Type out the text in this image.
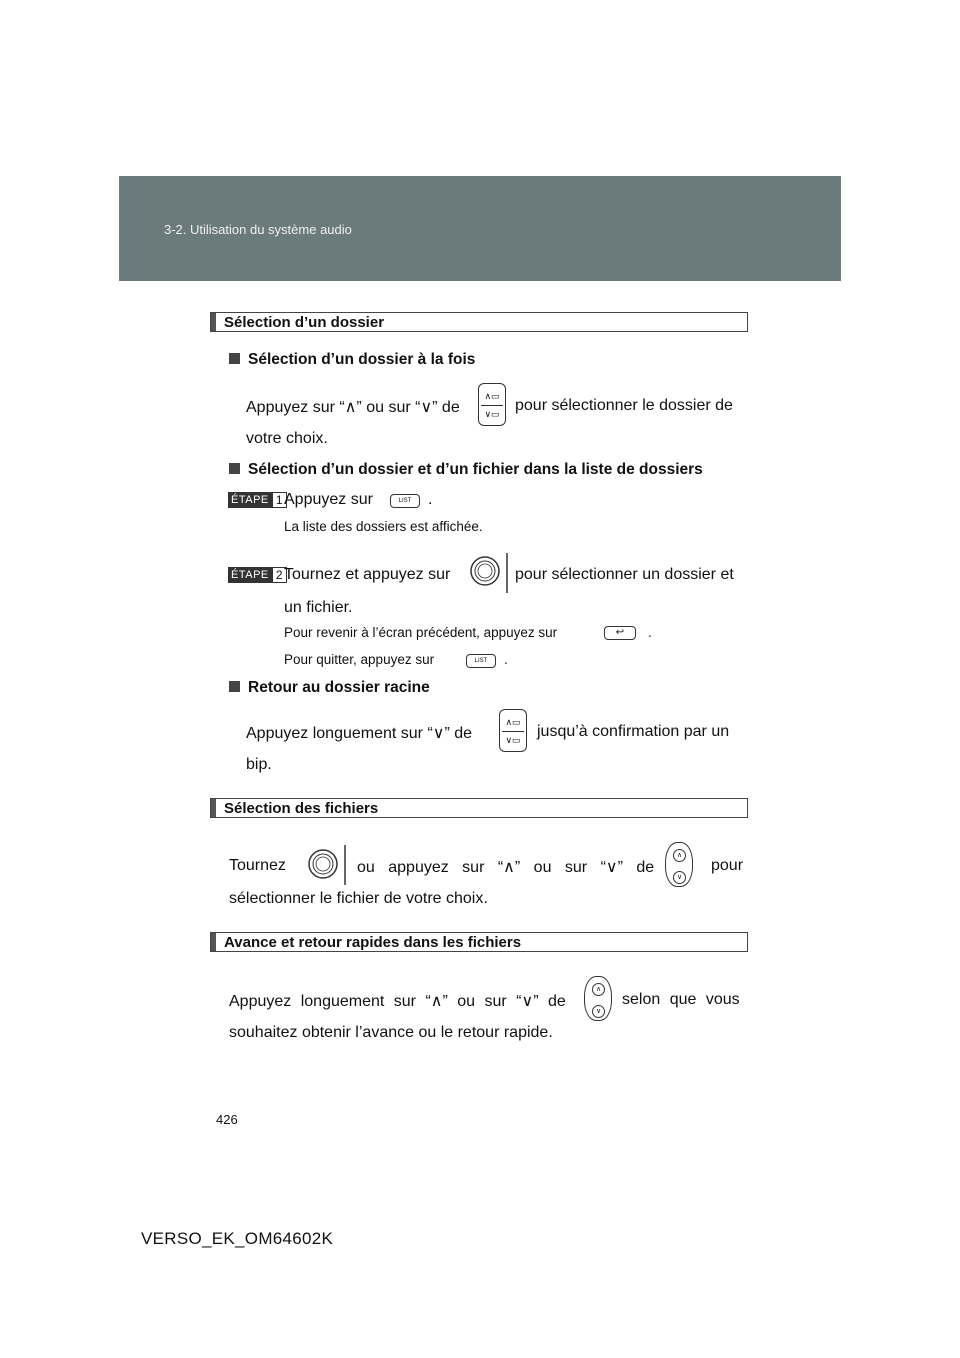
3-2. Utilisation du système audio
Sélection d’un dossier
Sélection d’un dossier à la fois
Appuyez sur “∧” ou sur “∨” de
∧▭
∨▭ pour sélectionner le dossier de
votre choix.
Sélection d’un dossier et d’un fichier dans la liste de dossiers
ÉTAPE 1 Appuyez sur	LIST	.
La liste des dossiers est affichée.
ÉTAPE 2 Tournez et appuyez sur	pour sélectionner un dossier et
un fichier.
Pour revenir à l’écran précédent, appuyez sur	↩	.
Pour quitter, appuyez sur	LIST	.
Retour au dossier racine
Appuyez longuement sur “∨” de
∧▭
∨▭	jusqu’à confirmation par un
bip.
Sélection des fichiers
Tournez	ou appuyez sur “∧” ou sur “∨” de
∧
∨
pour
sélectionner le fichier de votre choix.
Avance et retour rapides dans les fichiers
Appuyez longuement sur “∧” ou sur “∨” de
∧
∨
selon que vous
souhaitez obtenir l’avance ou le retour rapide.
426
VERSO_EK_OM64602K
